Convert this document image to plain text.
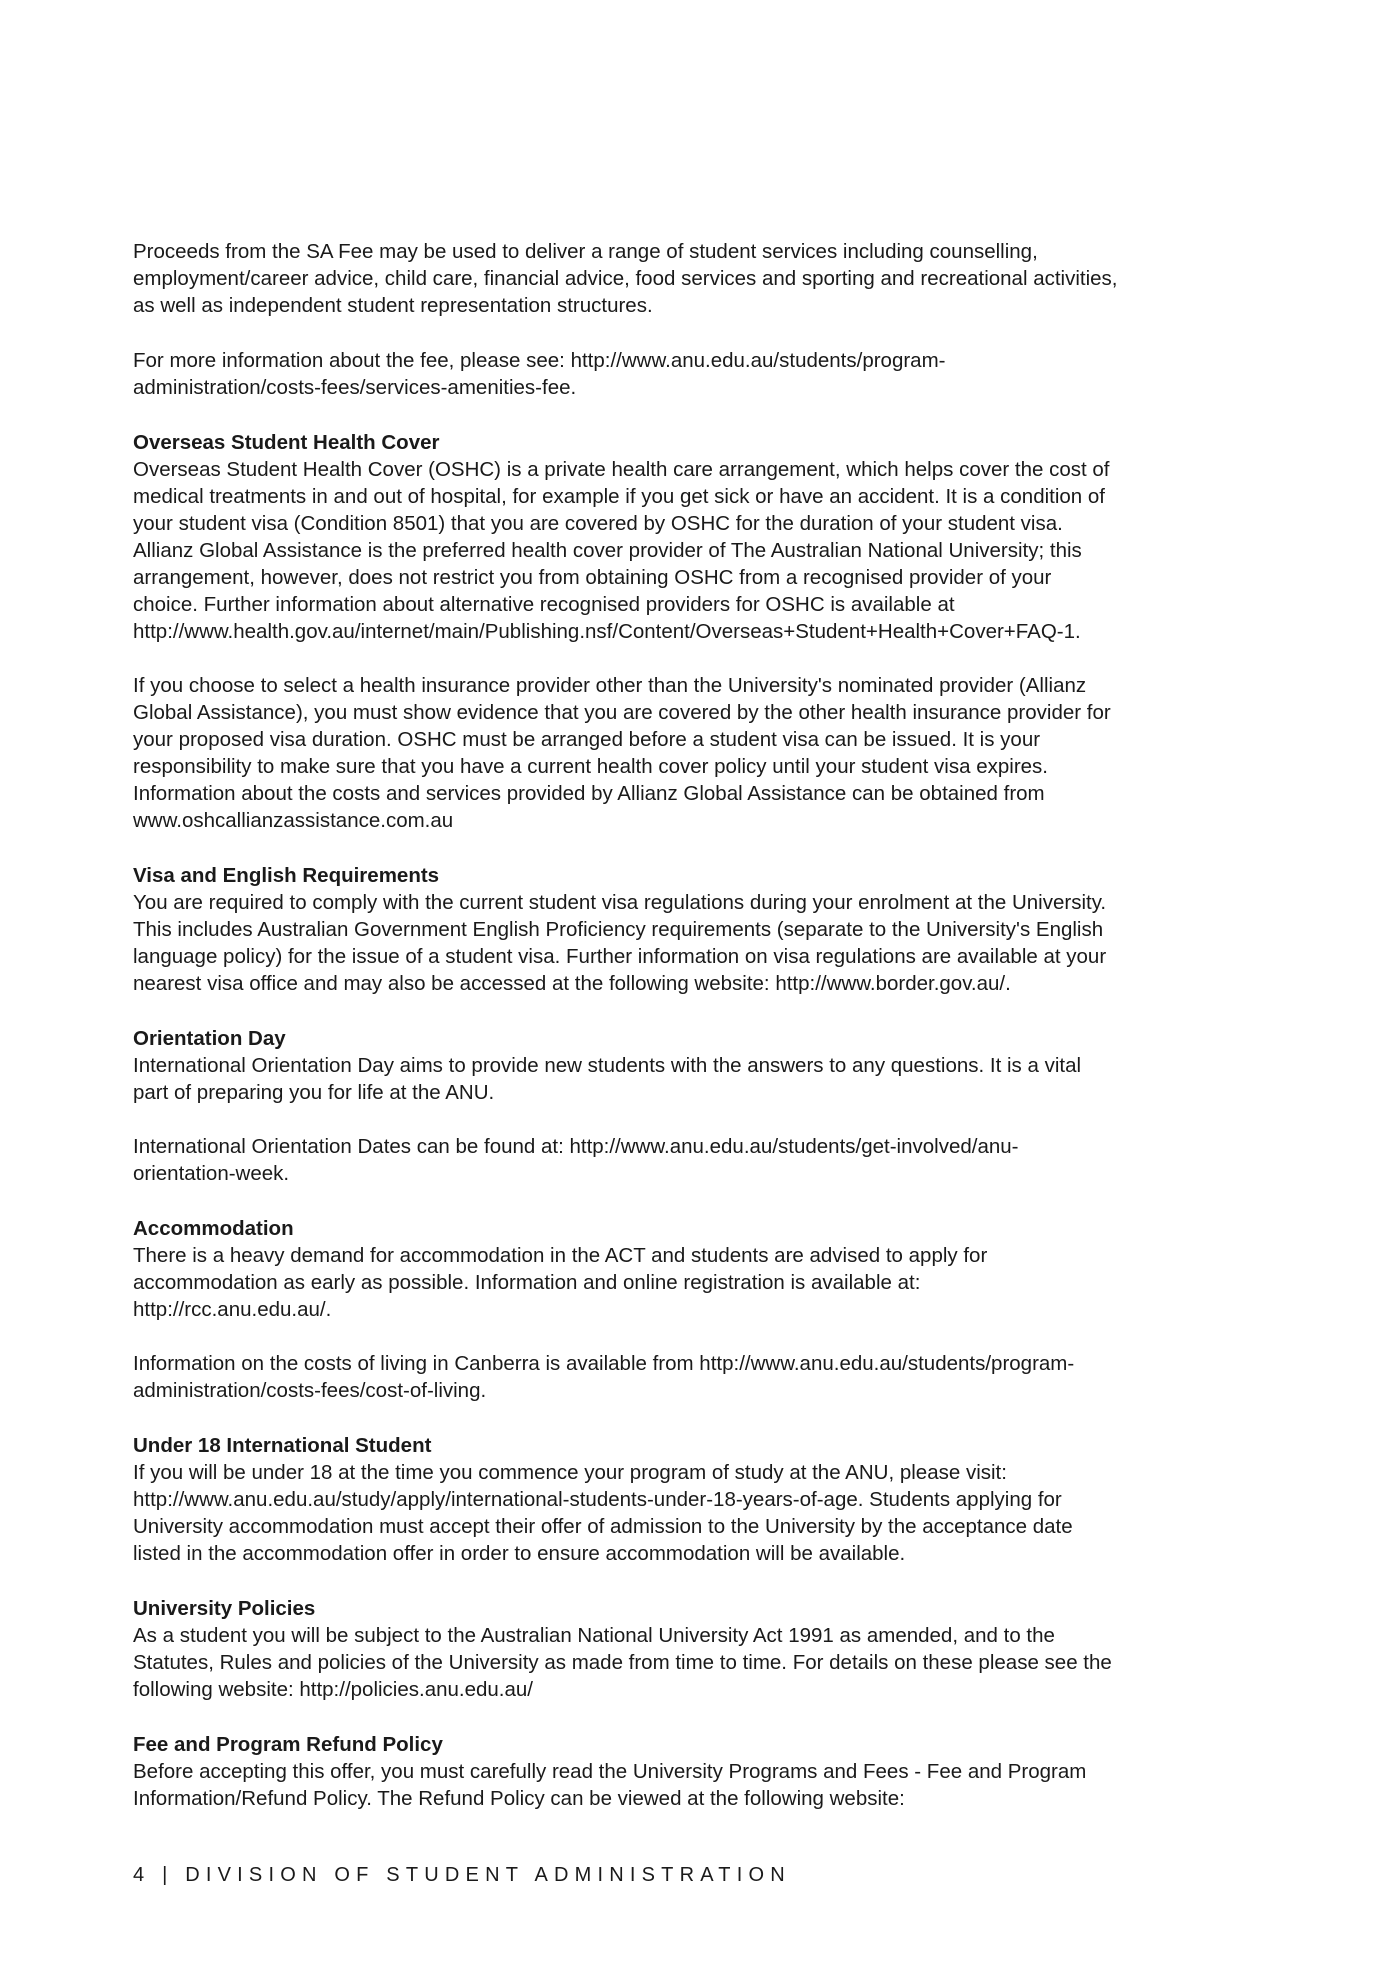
Proceeds from the SA Fee may be used to deliver a range of student services including counselling,
employment/career advice, child care, financial advice, food services and sporting and recreational activities,
as well as independent student representation structures.

For more information about the fee, please see: http://www.anu.edu.au/students/program-
administration/costs-fees/services-amenities-fee.

Overseas Student Health Cover

Overseas Student Health Cover (OSHC) is a private health care arrangement, which helps cover the cost of
medical treatments in and out of hospital, for example if you get sick or have an accident. It is a condition of
your student visa (Condition 8501) that you are covered by OSHC for the duration of your student visa.
Allianz Global Assistance is the preferred health cover provider of The Australian National University; this
arrangement, however, does not restrict you from obtaining OSHC from a recognised provider of your
choice. Further information about alternative recognised providers for OSHC is available at
http://www.health.gov.au/internet/main/Publishing.nsf/Content/Overseas+Student+Health+Cover+FAQ-1.

If you choose to select a health insurance provider other than the University's nominated provider (Allianz
Global Assistance), you must show evidence that you are covered by the other health insurance provider for
your proposed visa duration. OSHC must be arranged before a student visa can be issued. It is your
responsibility to make sure that you have a current health cover policy until your student visa expires.
Information about the costs and services provided by Allianz Global Assistance can be obtained from
www.oshcallianzassistance.com.au

Visa and English Requirements

You are required to comply with the current student visa regulations during your enrolment at the University.
This includes Australian Government English Proficiency requirements (separate to the University's English
language policy) for the issue of a student visa. Further information on visa regulations are available at your
nearest visa office and may also be accessed at the following website: http://www.border.gov.au/.

Orientation Day

International Orientation Day aims to provide new students with the answers to any questions. It is a vital
part of preparing you for life at the ANU.

International Orientation Dates can be found at: http://www.anu.edu.au/students/get-involved/anu-
orientation-week.

Accommodation

There is a heavy demand for accommodation in the ACT and students are advised to apply for
accommodation as early as possible. Information and online registration is available at:
http://rcc.anu.edu.au/.

Information on the costs of living in Canberra is available from http://www.anu.edu.au/students/program-
administration/costs-fees/cost-of-living.

Under 18 International Student

If you will be under 18 at the time you commence your program of study at the ANU, please visit:
http://www.anu.edu.au/study/apply/international-students-under-18-years-of-age. Students applying for
University accommodation must accept their offer of admission to the University by the acceptance date
listed in the accommodation offer in order to ensure accommodation will be available.

University Policies

As a student you will be subject to the Australian National University Act 1991 as amended, and to the
Statutes, Rules and policies of the University as made from time to time. For details on these please see the
following website: http://policies.anu.edu.au/

Fee and Program Refund Policy

Before accepting this offer, you must carefully read the University Programs and Fees - Fee and Program
Information/Refund Policy. The Refund Policy can be viewed at the following website:

4 | DIVISION OF STUDENT ADMINISTRATION
